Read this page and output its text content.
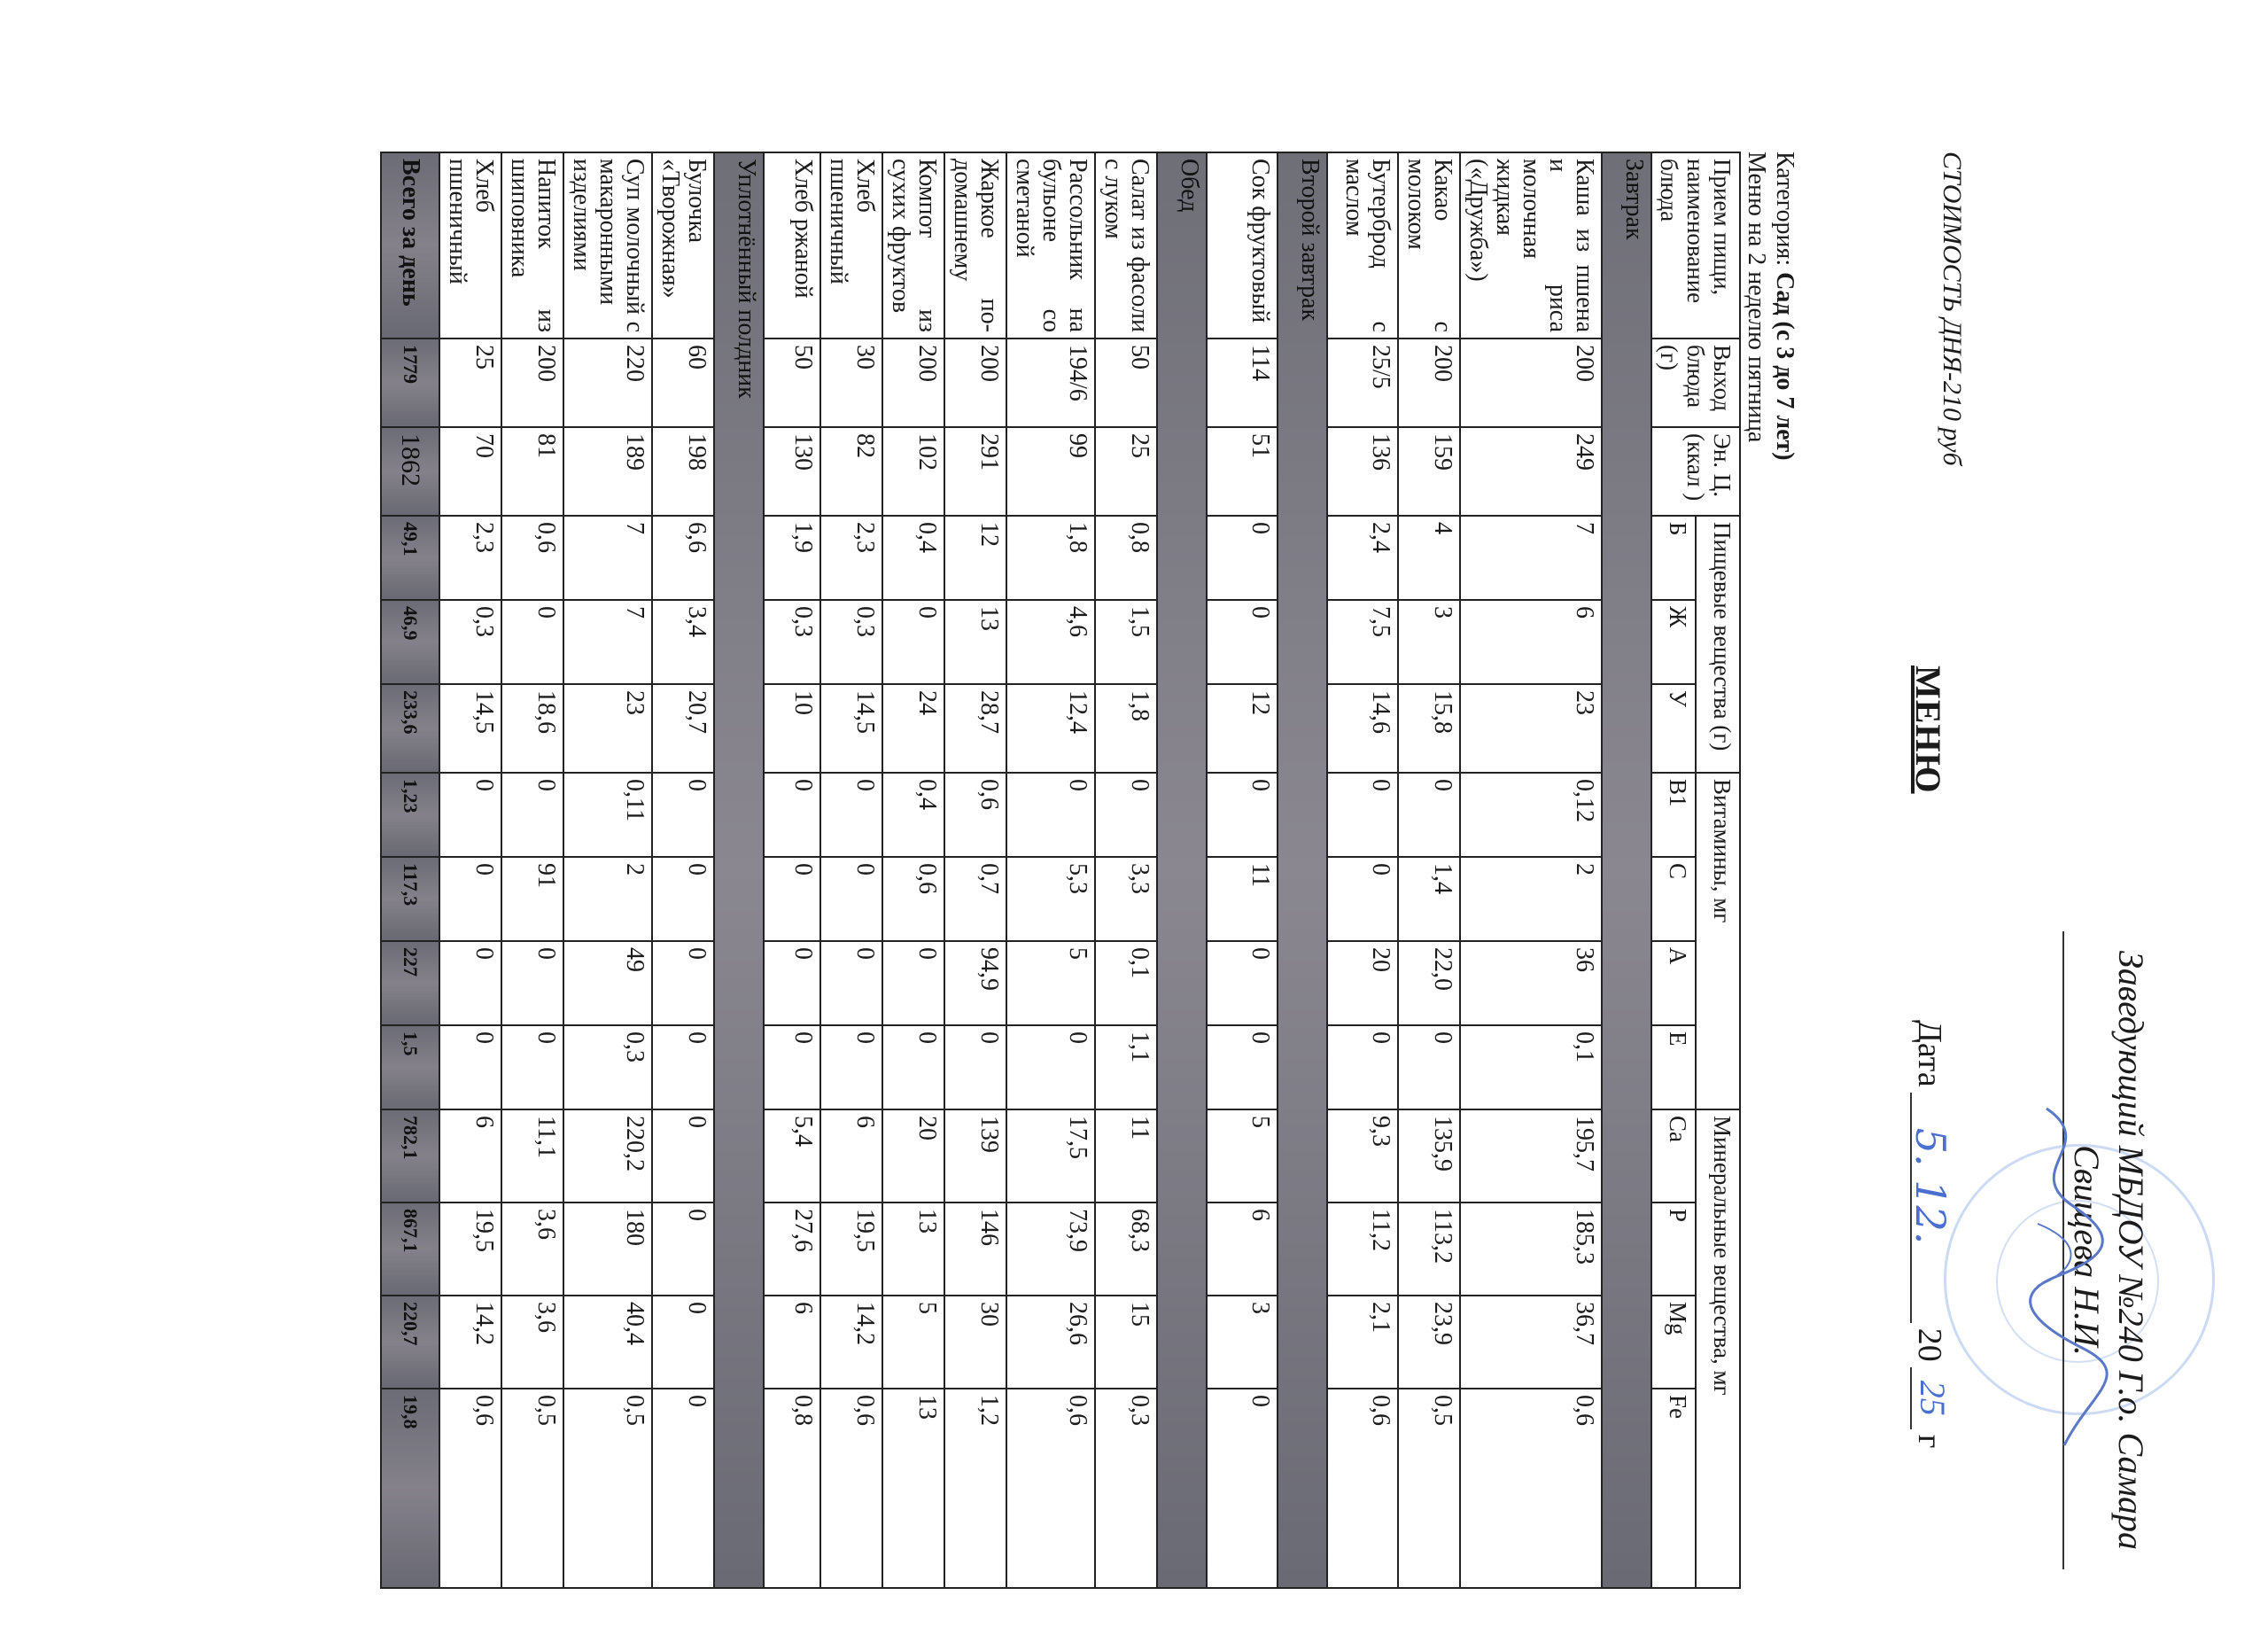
Заведующий МБДОУ №240 Г.о. Самара
Свищева Н.И.
СТОИМОСТЬ ДНЯ-210 руб
МЕНЮ
Дата
5. 12.
20
25
г
Категория: Сад (с 3 до 7 лет)
Меню на 2 неделю пятница
Прием пищи, наименование блюда	Выход блюда (г)	Эн. Ц. (ккал )	Пищевые вещества (г)			Витамины, мг				Минеральные вещества, мг			
			Б	Ж	У	В1	С	А	Е	Ca	P	Mg	Fe
Завтрак													
Каша из пшена и риса молочная жидкая («Дружба»)	200	249	7	6	23	0,12	2	36	0,1	195,7	185,3	36,7	0,6
Какао с молоком	200	159	4	3	15,8	0	1,4	22,0	0	135,9	113,2	23,9	0,5
Бутерброд с маслом	25/5	136	2,4	7,5	14,6	0	0	20	0	9,3	11,2	2,1	0,6
Второй завтрак													
Сок фруктовый	114	51	0	0	12	0	11	0	0	5	6	3	0
Обед													
Салат из фасоли с луком	50	25	0,8	1,5	1,8	0	3,3	0,1	1,1	11	68,3	15	0,3
Рассольник на бульоне со сметаной	194/6	99	1,8	4,6	12,4	0	5,3	5	0	17,5	73,9	26,6	0,6
Жаркое по-домашнему	200	291	12	13	28,7	0,6	0,7	94,9	0	139	146	30	1,2
Компот из сухих фруктов	200	102	0,4	0	24	0,4	0,6	0	0	20	13	5	13
Хлеб пшеничный	30	82	2,3	0,3	14,5	0	0	0	0	6	19,5	14,2	0,6
Хлеб ржаной	50	130	1,9	0,3	10	0	0	0	0	5,4	27,6	6	0,8
Уплотнённый полдник													
Булочка «Творожная»	60	198	6,6	3,4	20,7	0	0	0	0	0	0	0	0
Суп молочный с макаронными изделиями	220	189	7	7	23	0,11	2	49	0,3	220,2	180	40,4	0,5
Напиток из шиповника	200	81	0,6	0	18,6	0	91	0	0	11,1	3,6	3,6	0,5
Хлеб пшеничный	25	70	2,3	0,3	14,5	0	0	0	0	6	19,5	14,2	0,6
Всего за день	1779	1862	49,1	46,9	233,6	1,23	117,3	227	1,5	782,1	867,1	220,7	19,8
